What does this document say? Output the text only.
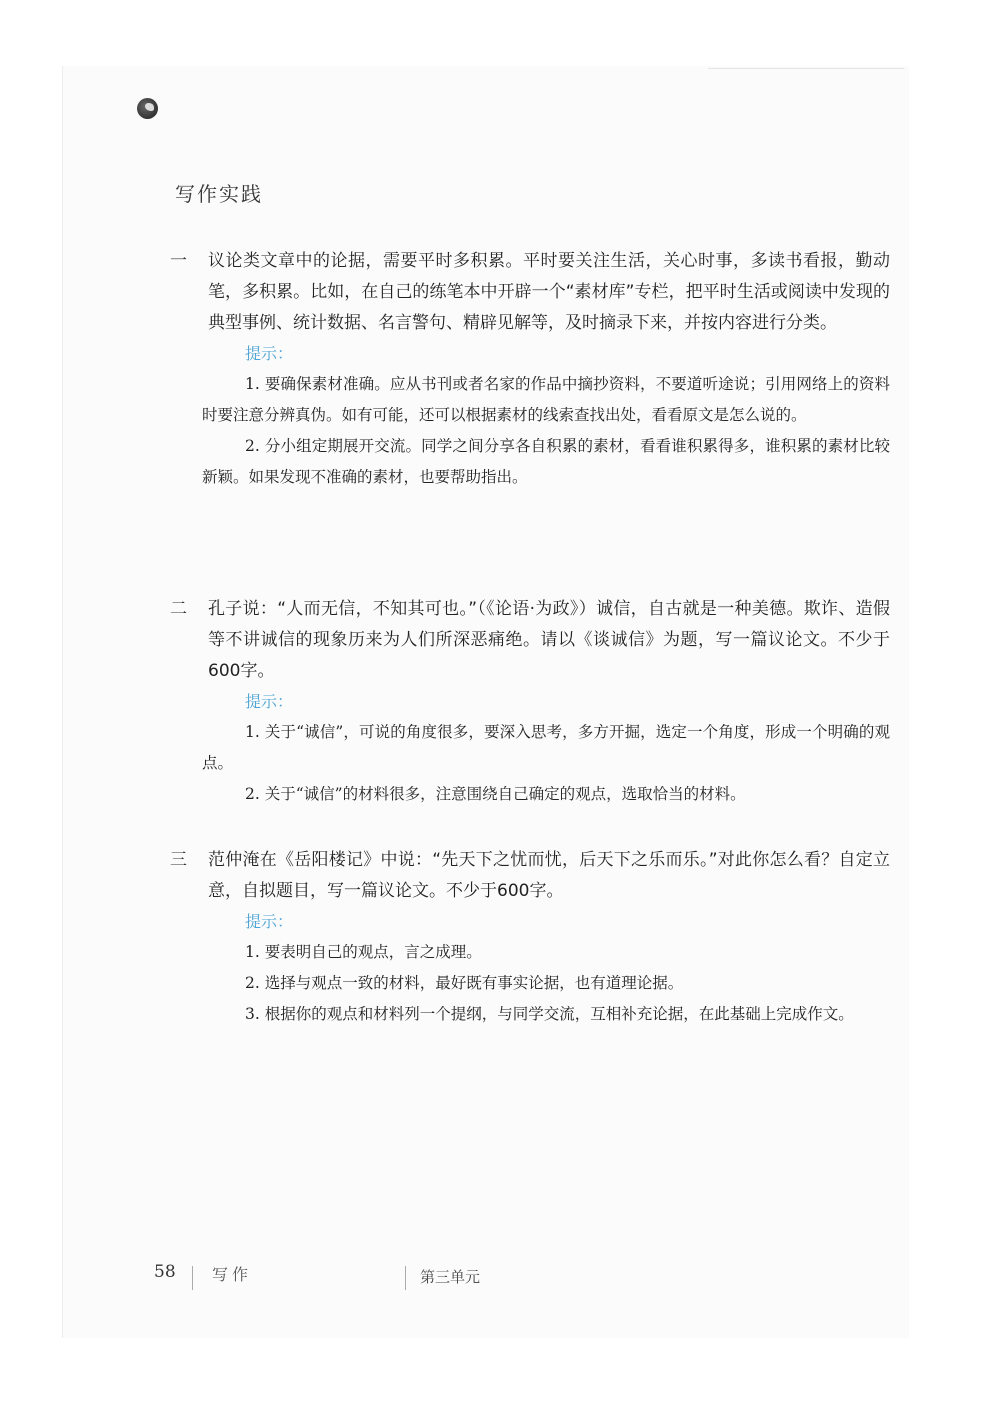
写作实践
一 议论类文章中的论据，需要平时多积累。平时要关注生活，关心时事，多读书看报，勤动笔，多积累。比如，在自己的练笔本中开辟一个“素材库”专栏，把平时生活或阅读中发现的典型事例、统计数据、名言警句、精辟见解等，及时摘录下来，并按内容进行分类。
提示：
1. 要确保素材准确。应从书刊或者名家的作品中摘抄资料，不要道听途说；引用网络上的资料时要注意分辨真伪。如有可能，还可以根据素材的线索查找出处，看看原文是怎么说的。
2. 分小组定期展开交流。同学之间分享各自积累的素材，看看谁积累得多，谁积累的素材比较新颖。如果发现不准确的素材，也要帮助指出。
二 孔子说：“人而无信，不知其可也。”（《论语·为政》）诚信，自古就是一种美德。欺诈、造假等不讲诚信的现象历来为人们所深恶痛绝。请以《谈诚信》为题，写一篇议论文。不少于600字。
提示：
1. 关于“诚信”，可说的角度很多，要深入思考，多方开掘，选定一个角度，形成一个明确的观点。
2. 关于“诚信”的材料很多，注意围绕自己确定的观点，选取恰当的材料。
三 范仲淹在《岳阳楼记》中说：“先天下之忧而忧，后天下之乐而乐。”对此你怎么看？自定立意，自拟题目，写一篇议论文。不少于600字。
提示：
1. 要表明自己的观点，言之成理。
2. 选择与观点一致的材料，最好既有事实论据，也有道理论据。
3. 根据你的观点和材料列一个提纲，与同学交流，互相补充论据，在此基础上完成作文。
58 写作	第三单元
